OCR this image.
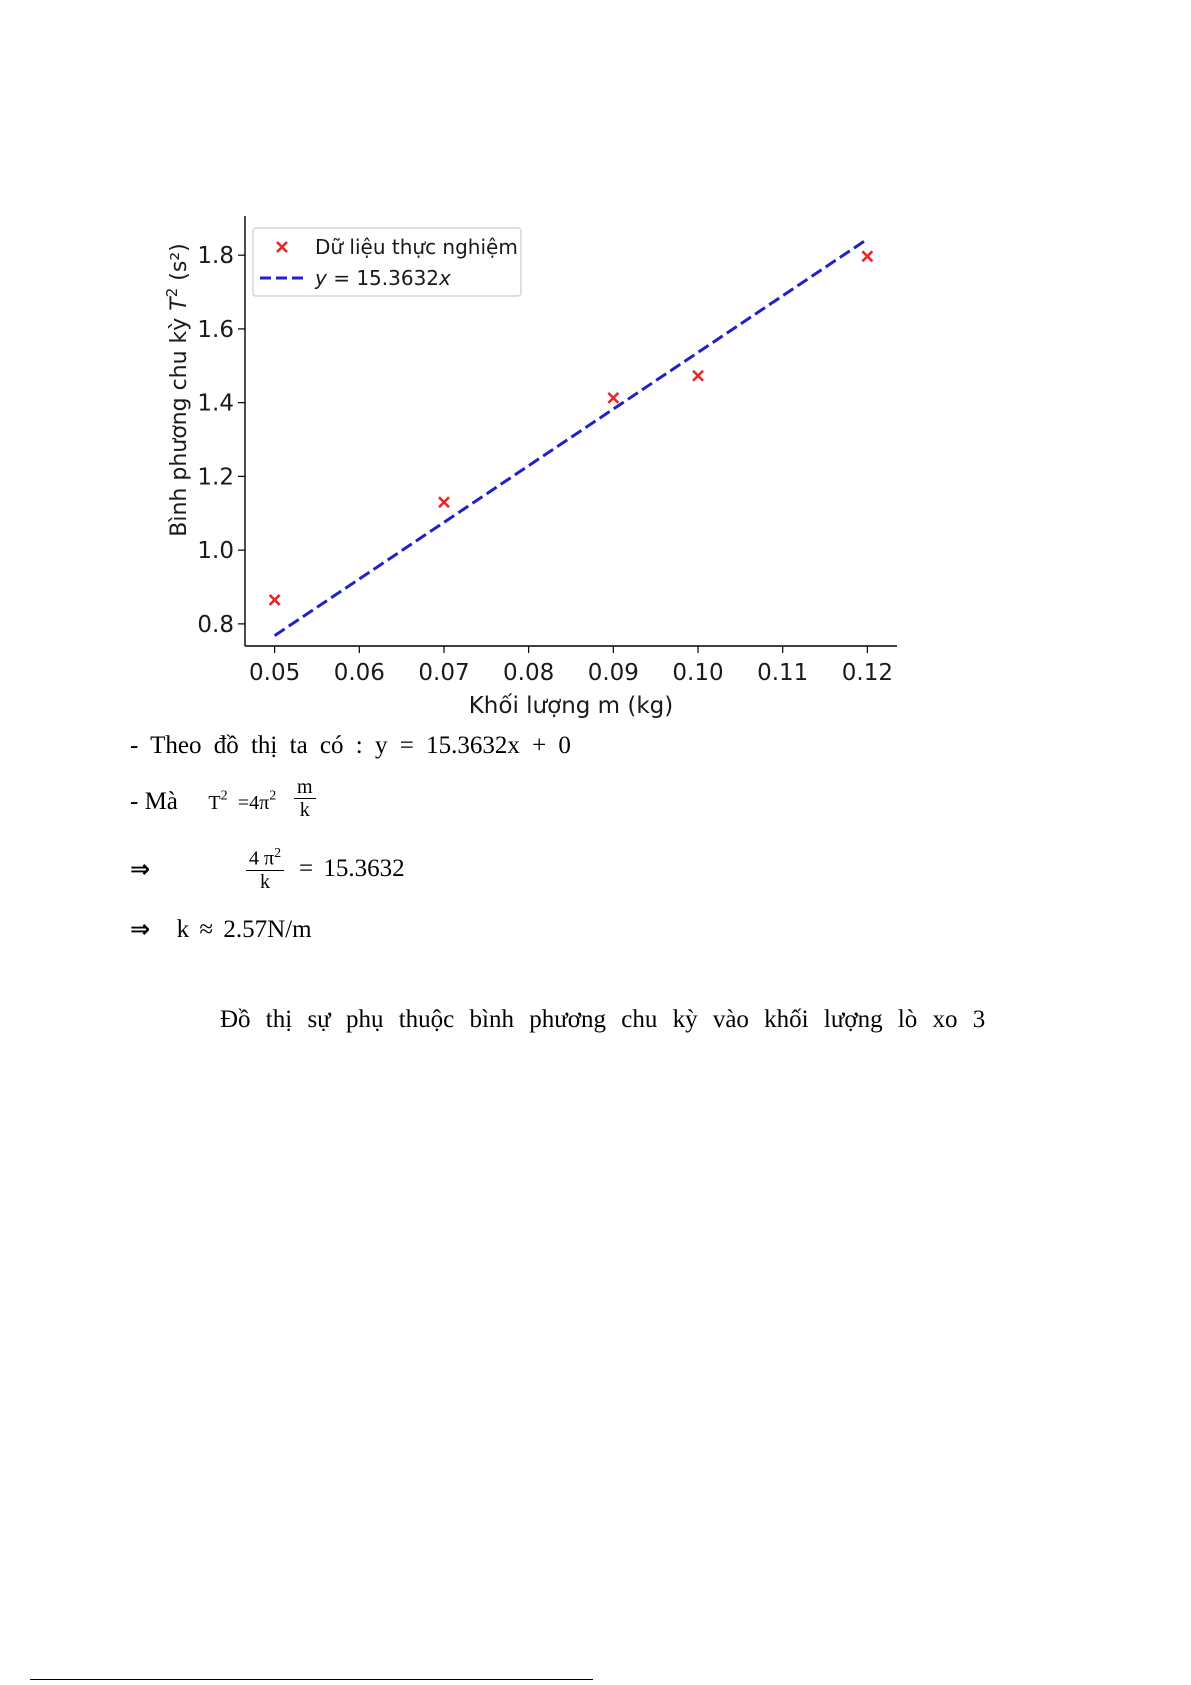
0.05 0.06 0.07 0.08 0.09 0.10 0.11 0.12
0.8
1.0
1.2
1.4
1.6
1.8
Khối lượng m (kg)
Bình phương chu kỳ $T^2$ (s²)	Dữ liệu thực nghiệm
y = 15.3632x
- Theo đồ thị ta có : y = 15.3632x + 0
- Mà $T^2 =4\pi^2 \frac{m}{k}$
⇒	$\frac{4 \pi^2}{k} = 15.3632$
⇒ k ≈ 2.57N/m
Đồ thị sự phụ thuộc bình phương chu kỳ vào khối lượng lò xo 3
